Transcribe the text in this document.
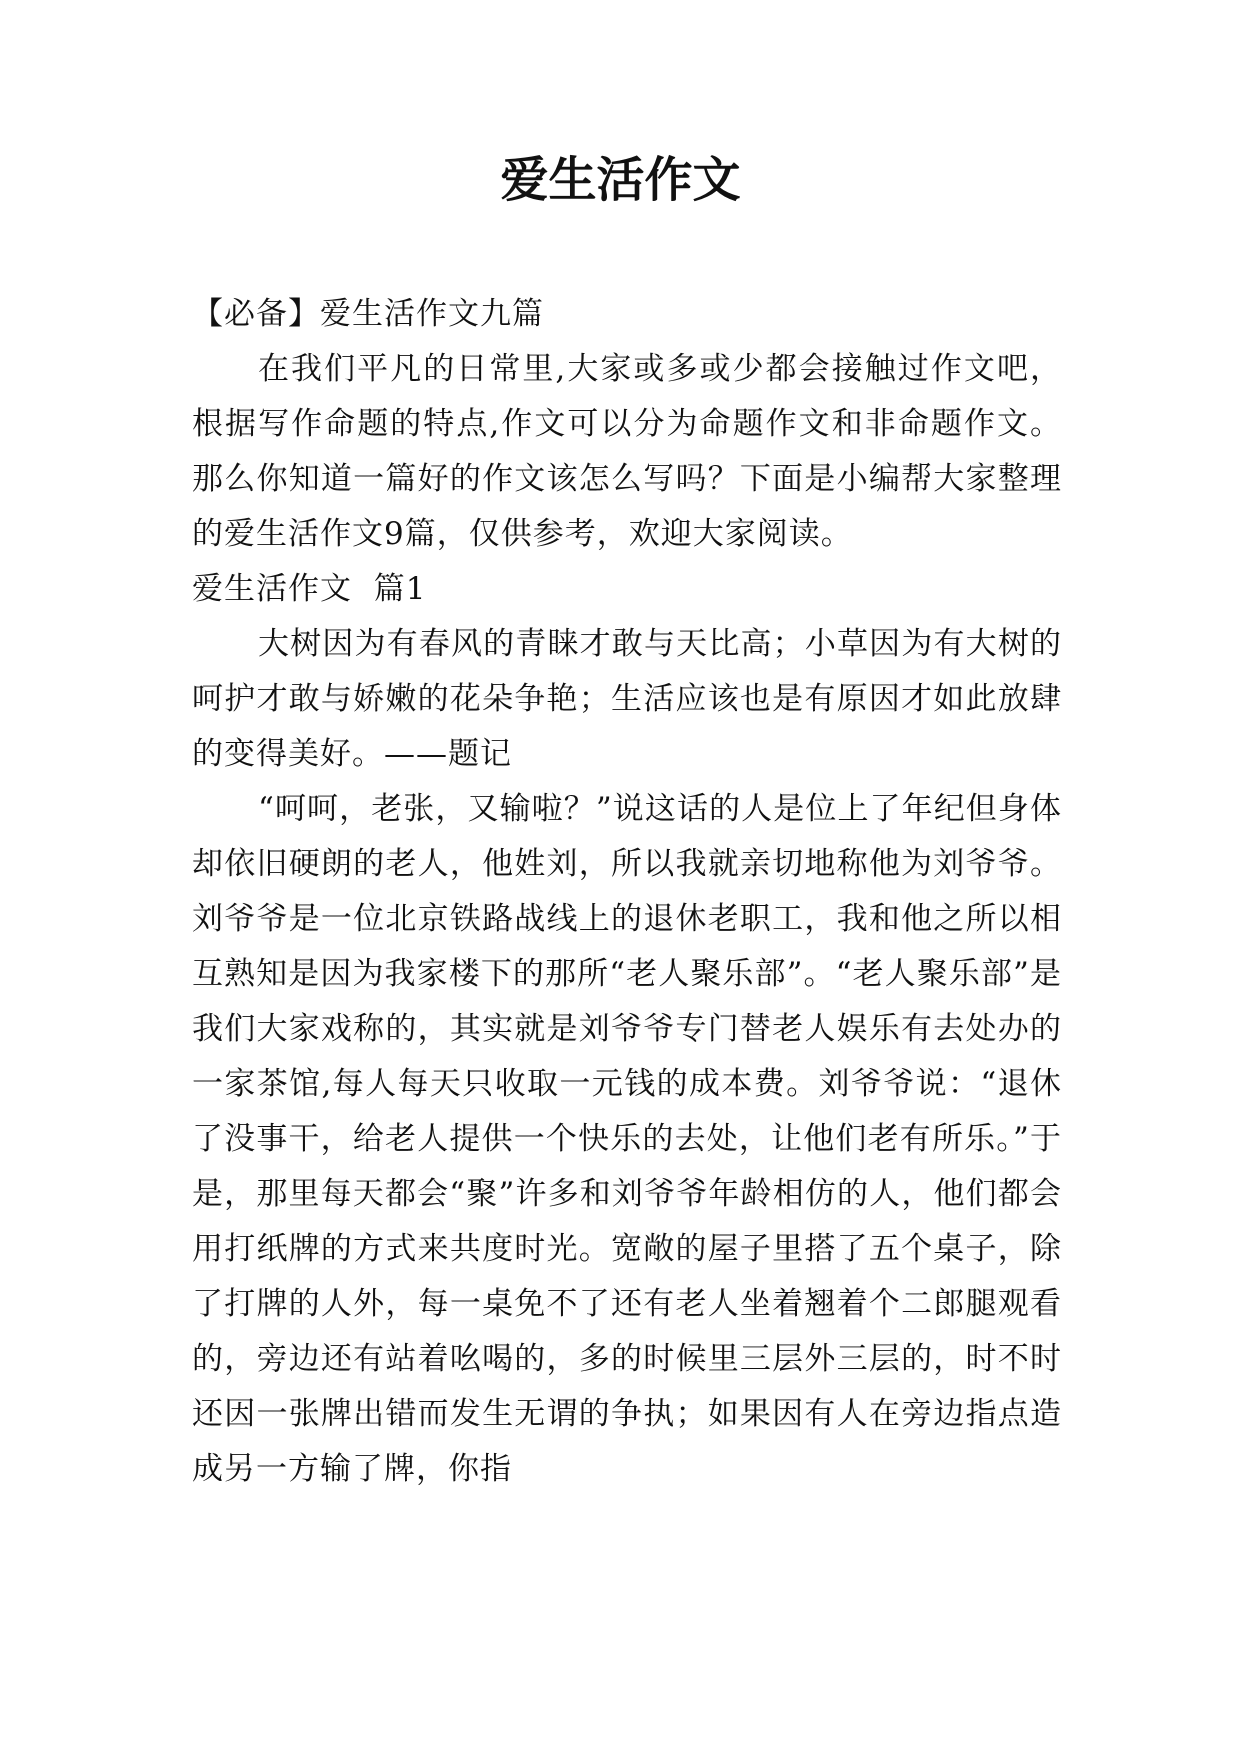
爱生活作文

【必备】爱生活作文九篇

在我们平凡的日常里,大家或多或少都会接触过作文吧，根据写作命题的特点,作文可以分为命题作文和非命题作文。那么你知道一篇好的作文该怎么写吗？下面是小编帮大家整理的爱生活作文9篇，仅供参考，欢迎大家阅读。

爱生活作文  篇1

大树因为有春风的青睐才敢与天比高；小草因为有大树的呵护才敢与娇嫩的花朵争艳；生活应该也是有原因才如此放肆的变得美好。——题记

“呵呵，老张，又输啦？”说这话的人是位上了年纪但身体却依旧硬朗的老人，他姓刘，所以我就亲切地称他为刘爷爷。刘爷爷是一位北京铁路战线上的退休老职工，我和他之所以相互熟知是因为我家楼下的那所“老人聚乐部”。“老人聚乐部”是我们大家戏称的，其实就是刘爷爷专门替老人娱乐有去处办的一家茶馆,每人每天只收取一元钱的成本费。刘爷爷说：“退休了没事干，给老人提供一个快乐的去处，让他们老有所乐。”于是，那里每天都会“聚”许多和刘爷爷年龄相仿的人，他们都会用打纸牌的方式来共度时光。宽敞的屋子里搭了五个桌子，除了打牌的人外，每一桌免不了还有老人坐着翘着个二郎腿观看的，旁边还有站着吆喝的，多的时候里三层外三层的，时不时还因一张牌出错而发生无谓的争执；如果因有人在旁边指点造成另一方输了牌，你指
